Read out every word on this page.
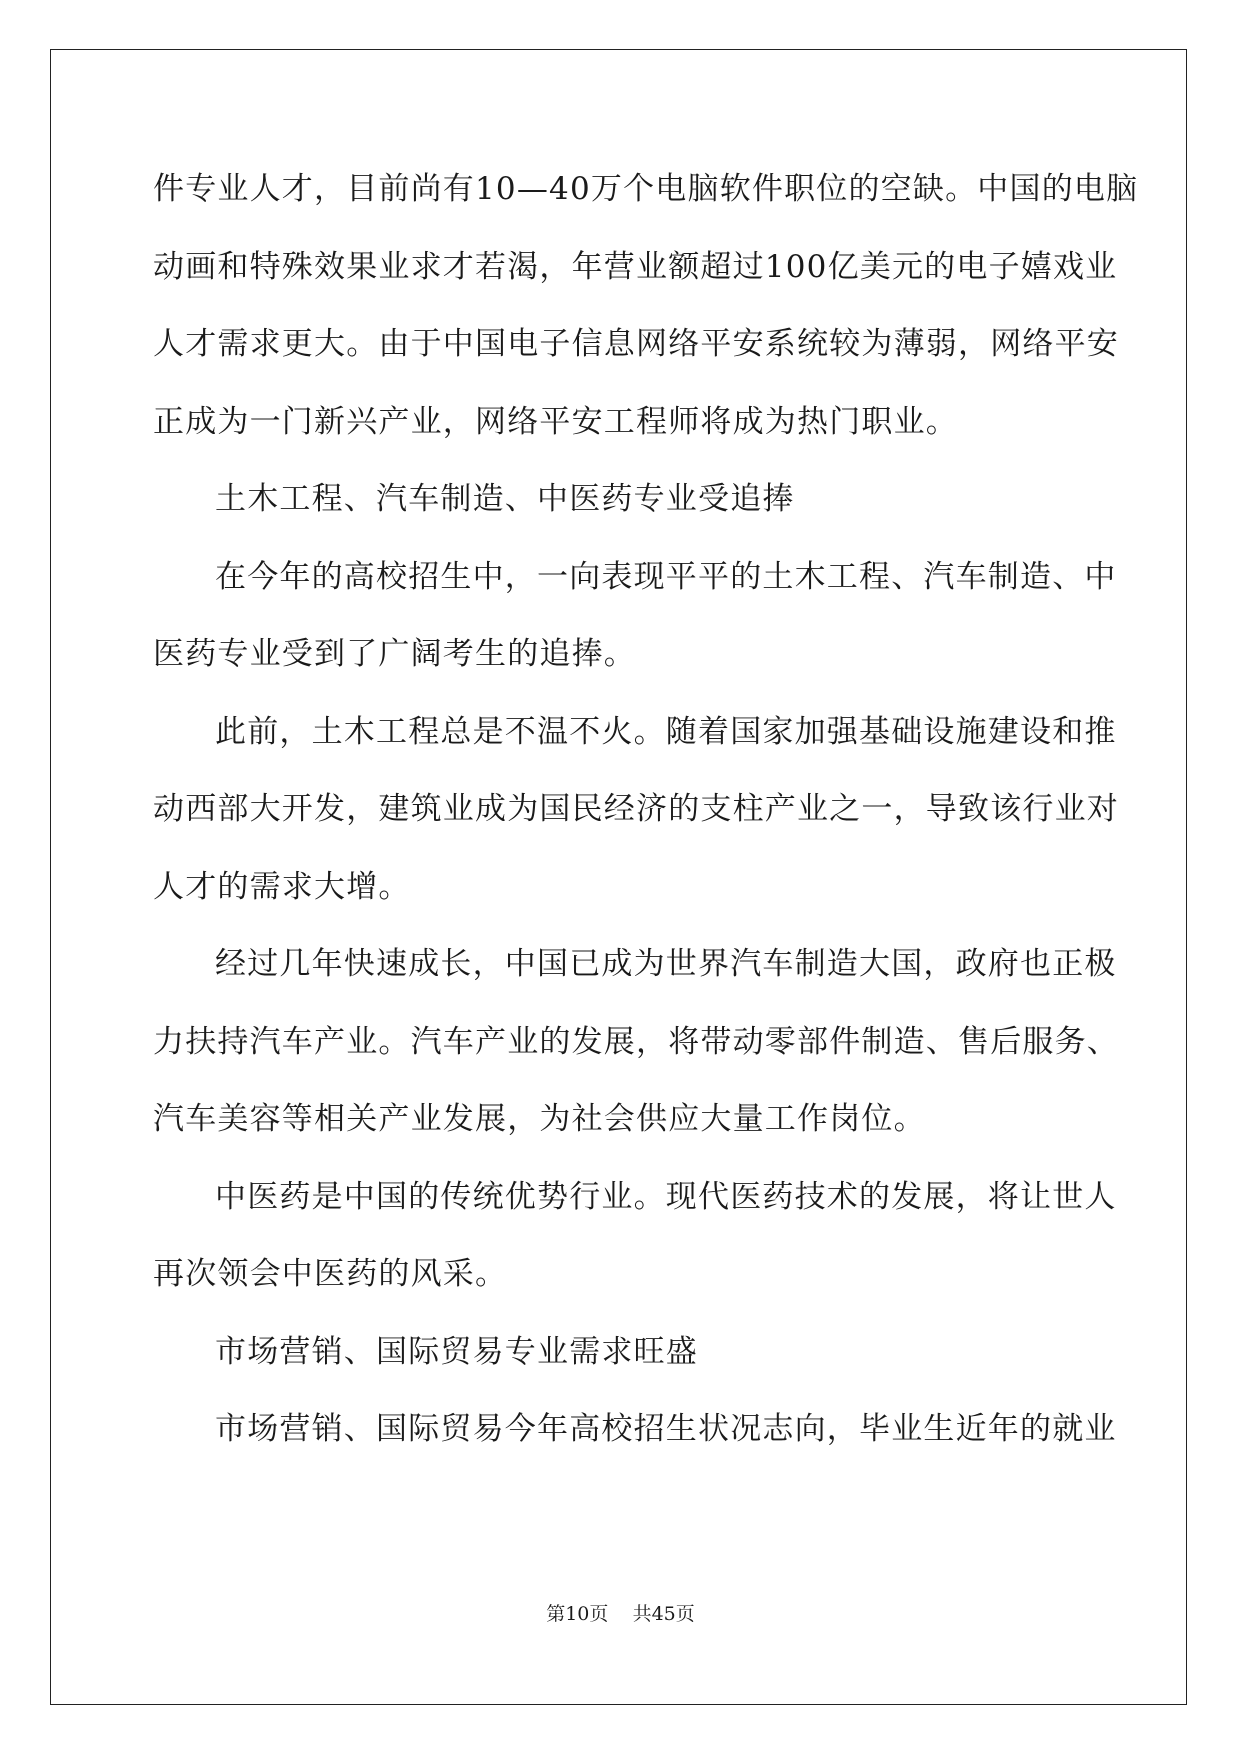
件专业人才，目前尚有10—40万个电脑软件职位的空缺。中国的电脑
动画和特殊效果业求才若渴，年营业额超过100亿美元的电子嬉戏业
人才需求更大。由于中国电子信息网络平安系统较为薄弱，网络平安
正成为一门新兴产业，网络平安工程师将成为热门职业。
土木工程、汽车制造、中医药专业受追捧
在今年的高校招生中，一向表现平平的土木工程、汽车制造、中
医药专业受到了广阔考生的追捧。
此前，土木工程总是不温不火。随着国家加强基础设施建设和推
动西部大开发，建筑业成为国民经济的支柱产业之一，导致该行业对
人才的需求大增。
经过几年快速成长，中国已成为世界汽车制造大国，政府也正极
力扶持汽车产业。汽车产业的发展，将带动零部件制造、售后服务、
汽车美容等相关产业发展，为社会供应大量工作岗位。
中医药是中国的传统优势行业。现代医药技术的发展，将让世人
再次领会中医药的风采。
市场营销、国际贸易专业需求旺盛
市场营销、国际贸易今年高校招生状况志向，毕业生近年的就业
第10页 共45页
